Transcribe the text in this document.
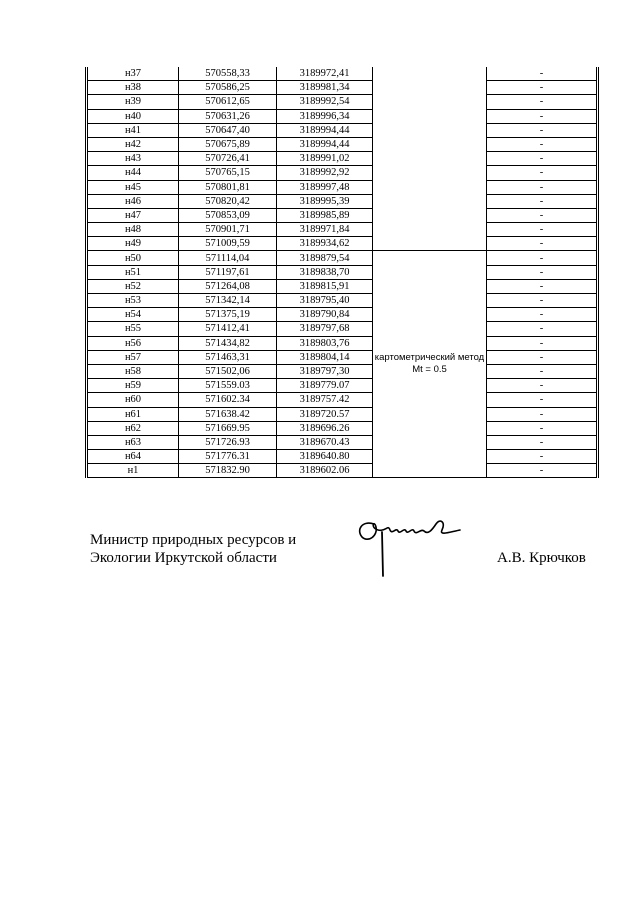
н37	570558,33	3189972,41		-
н38	570586,25	3189981,34		-
н39	570612,65	3189992,54		-
н40	570631,26	3189996,34		-
н41	570647,40	3189994,44		-
н42	570675,89	3189994,44		-
н43	570726,41	3189991,02		-
н44	570765,15	3189992,92		-
н45	570801,81	3189997,48		-
н46	570820,42	3189995,39		-
н47	570853,09	3189985,89		-
н48	570901,71	3189971,84		-
н49	571009,59	3189934,62		-
н50	571114,04	3189879,54	картометрический метод Mt = 0.5	-
н51	571197,61	3189838,70		-
н52	571264,08	3189815,91		-
н53	571342,14	3189795,40		-
н54	571375,19	3189790,84		-
н55	571412,41	3189797,68		-
н56	571434,82	3189803,76		-
н57	571463,31	3189804,14		-
н58	571502,06	3189797,30		-
н59	571559.03	3189779.07		-
н60	571602.34	3189757.42		-
н61	571638.42	3189720.57		-
н62	571669.95	3189696.26		-
н63	571726.93	3189670.43		-
н64	571776.31	3189640.80		-
н1	571832.90	3189602.06		-
Министр природных ресурсов и
Экологии Иркутской области	А.В. Крючков
